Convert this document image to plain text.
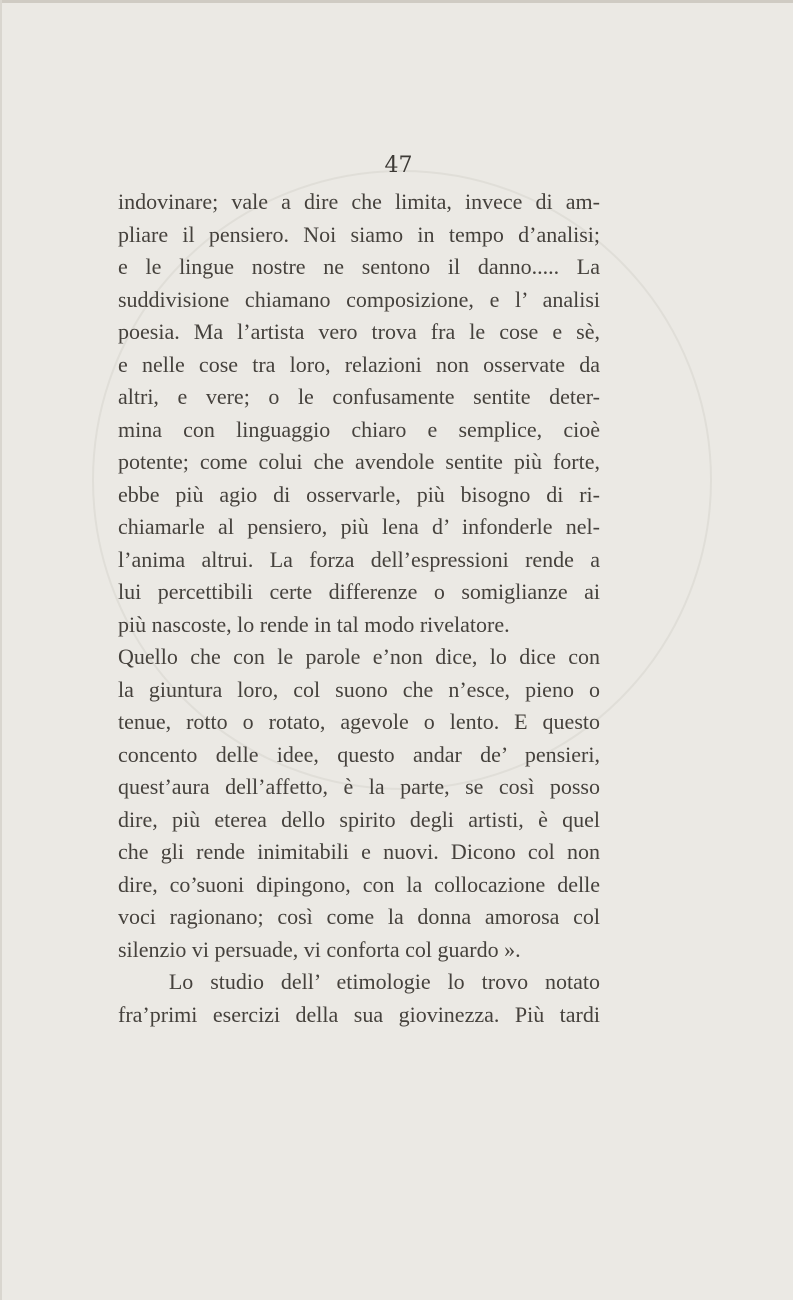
47
indovinare; vale a dire che limita, invece di am-
pliare il pensiero. Noi siamo in tempo d’analisi;
e le lingue nostre ne sentono il danno..... La
suddivisione chiamano composizione, e l’ analisi
poesia. Ma l’artista vero trova fra le cose e sè,
e nelle cose tra loro, relazioni non osservate da
altri, e vere; o le confusamente sentite deter-
mina con linguaggio chiaro e semplice, cioè
potente; come colui che avendole sentite più forte,
ebbe più agio di osservarle, più bisogno di ri-
chiamarle al pensiero, più lena d’ infonderle nel-
l’anima altrui. La forza dell’espressioni rende a
lui percettibili certe differenze o somiglianze ai
più nascoste, lo rende in tal modo rivelatore.
Quello che con le parole e’non dice, lo dice con
la giuntura loro, col suono che n’esce, pieno o
tenue, rotto o rotato, agevole o lento. E questo
concento delle idee, questo andar de’ pensieri,
quest’aura dell’affetto, è la parte, se così posso
dire, più eterea dello spirito degli artisti, è quel
che gli rende inimitabili e nuovi. Dicono col non
dire, co’suoni dipingono, con la collocazione delle
voci ragionano; così come la donna amorosa col
silenzio vi persuade, vi conforta col guardo ».
Lo studio dell’ etimologie lo trovo notato
fra’primi esercizi della sua giovinezza. Più tardi
